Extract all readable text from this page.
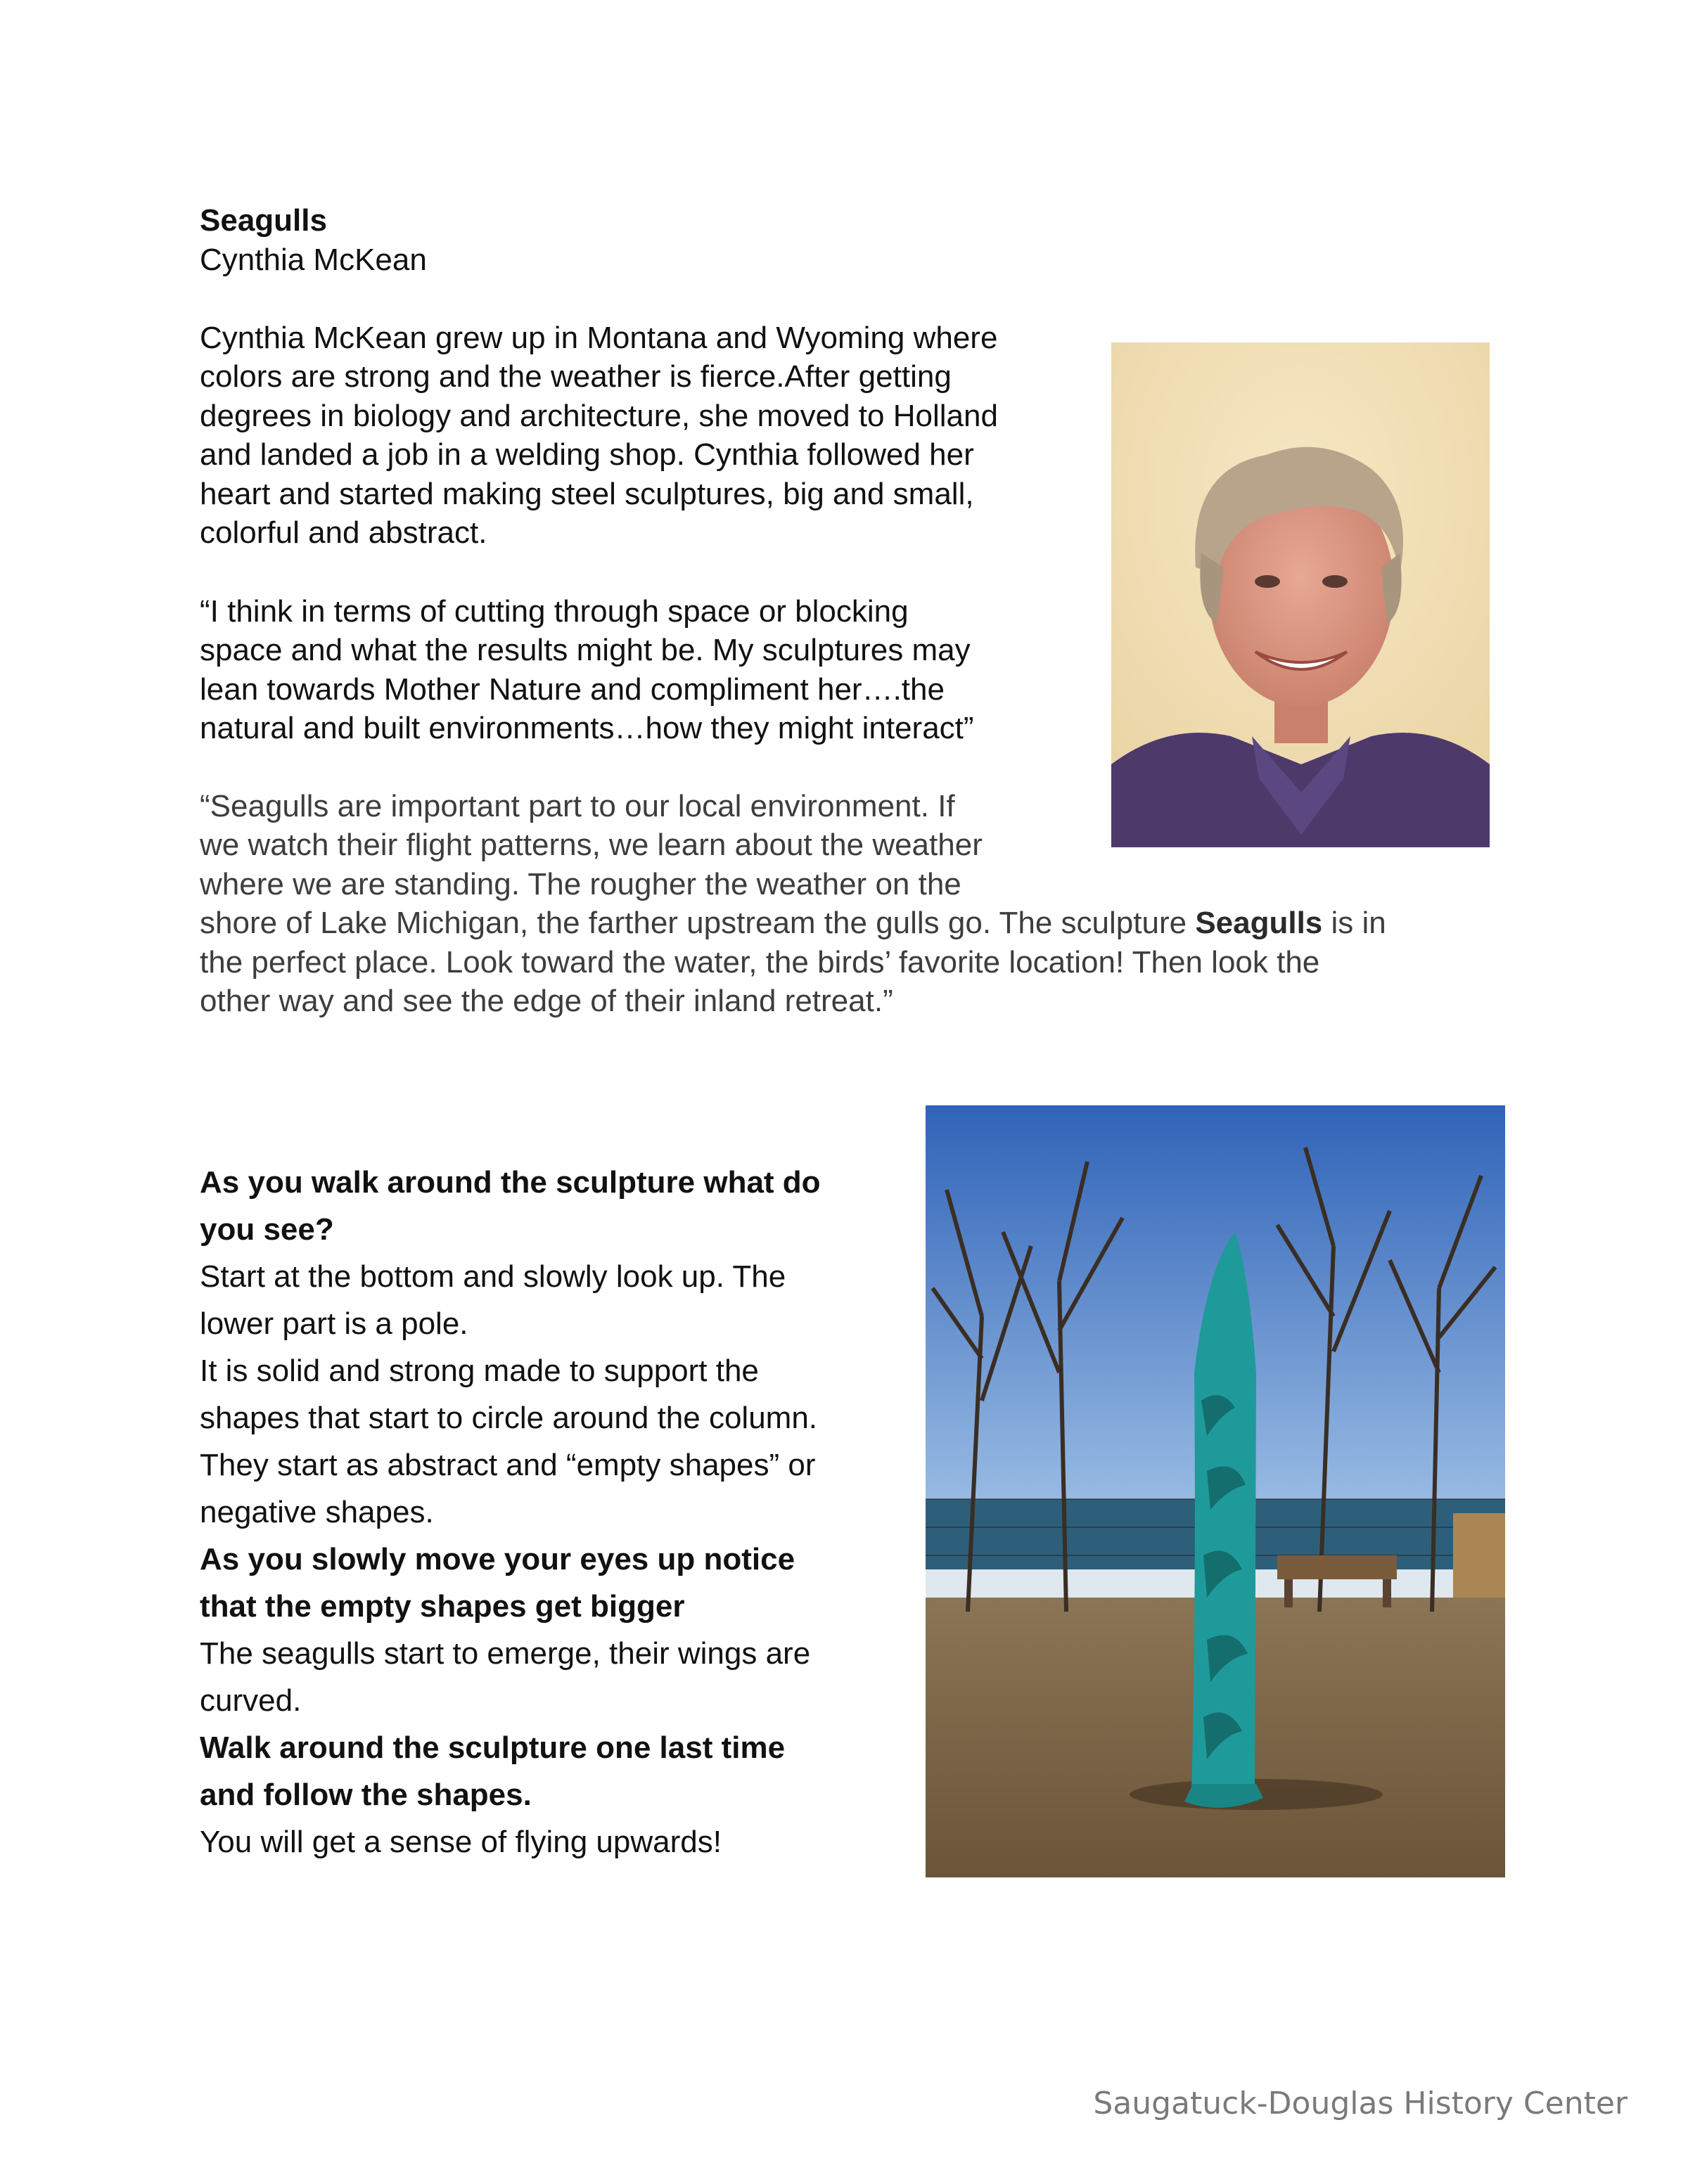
Seagulls

Cynthia McKean

Cynthia McKean grew up in Montana and Wyoming where
colors are strong and the weather is fierce.After getting
degrees in biology and architecture, she moved to Holland
and landed a job in a welding shop. Cynthia followed her
heart and started making steel sculptures, big and small,
colorful and abstract.

“I think in terms of cutting through space or blocking
space and what the results might be. My sculptures may
lean towards Mother Nature and compliment her….the
natural and built environments…how they might interact”

“Seagulls are important part to our local environment. If
we watch their flight patterns, we learn about the weather
where we are standing. The rougher the weather on the
shore of Lake Michigan, the farther upstream the gulls go. The sculpture Seagulls is in
the perfect place. Look toward the water, the birds’ favorite location! Then look the
other way and see the edge of their inland retreat.”

As you walk around the sculpture what do
you see?
Start at the bottom and slowly look up. The
lower part is a pole.
It is solid and strong made to support the
shapes that start to circle around the column.
They start as abstract and “empty shapes” or
negative shapes.
As you slowly move your eyes up notice
that the empty shapes get bigger
The seagulls start to emerge, their wings are
curved.
Walk around the sculpture one last time
and follow the shapes.
You will get a sense of flying upwards!

Saugatuck-Douglas History Center
